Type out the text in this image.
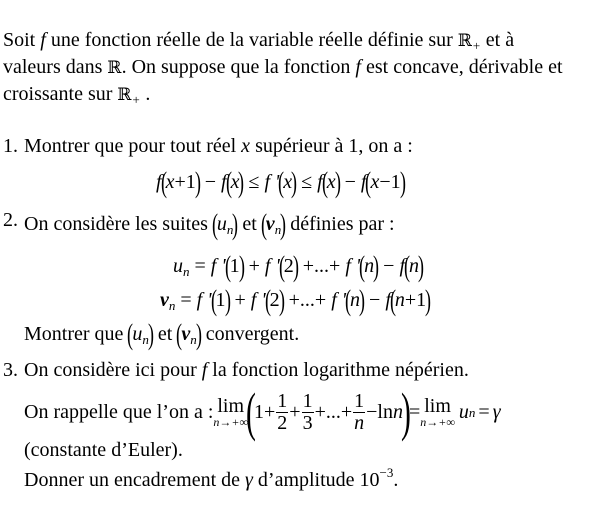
Soit f une fonction réelle de la variable réelle définie sur ℝ$_+$ et à
valeurs dans ℝ. On suppose que la fonction f est concave, dérivable et
croissante sur ℝ$_+$ .
1. Montrer que pour tout réel x supérieur à 1, on a :
f(x+1) − f(x) ≤ f '(x) ≤ f(x) − f(x−1)
2. On considère les suites $(u_n)$ et $(v_n)$ définies par :
$u_n = f$ '(1) + f '(2) +...+ f '(n) − f(n)
$v_n = f$ '(1) + f '(2) +...+ f '(n) − f(n+1)
Montrer que $(u_n)$ et $(v_n)$ convergent.
3. On considère ici pour f la fonction logarithme népérien.
On rappelle que l’on a : lim
n→+∞
(
$1+ \frac{1}{2} + \frac{1}{3}$ +...+ $\frac{1}{n} -\ln$ n
)
= lim
n→+∞ u n = γ
(constante d’Euler).
Donner un encadrement de γ d’amplitude $10^{-3}$.
